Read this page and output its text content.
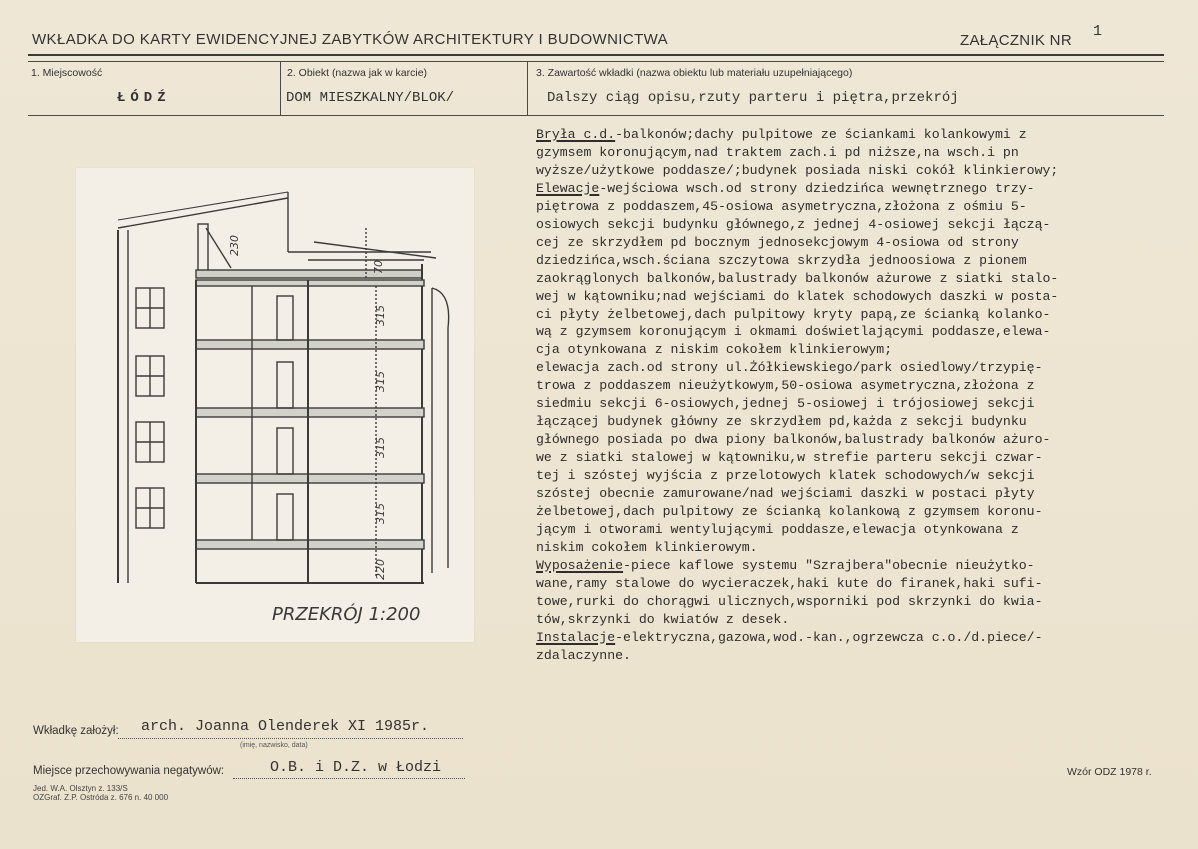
WKŁADKA DO KARTY EWIDENCYJNEJ ZABYTKÓW ARCHITEKTURY I BUDOWNICTWA	ZAŁĄCZNIK NR
1
1. Miejscowość
ŁÓDŹ
2. Obiekt (nazwa jak w karcie)
DOM MIESZKALNY/BLOK/
3. Zawartość wkładki (nazwa obiektu lub materiału uzupełniającego)
Dalszy ciąg opisu,rzuty parteru i piętra,przekrój
230
70
315
315
315
315
220
PRZEKRÓJ 1:200
Bryła c.d.-balkonów;dachy pulpitowe ze ściankami kolankowymi z
gzymsem koronującym,nad traktem zach.i pd niższe,na wsch.i pn
wyższe/użytkowe poddasze/;budynek posiada niski cokół klinkierowy;
Elewacje-wejściowa wsch.od strony dziedzińca wewnętrznego trzy-
piętrowa z poddaszem,45-osiowa asymetryczna,złożona z ośmiu 5-
osiowych sekcji budynku głównego,z jednej 4-osiowej sekcji łączą-
cej ze skrzydłem pd bocznym jednosekcjowym 4-osiowa od strony
dziedzińca,wsch.ściana szczytowa skrzydła jednoosiowa z pionem
zaokrąglonych balkonów,balustrady balkonów ażurowe z siatki stalo-
wej w kątowniku;nad wejściami do klatek schodowych daszki w posta-
ci płyty żelbetowej,dach pulpitowy kryty papą,ze ścianką kolanko-
wą z gzymsem koronującym i okmami doświetlającymi poddasze,elewa-
cja otynkowana z niskim cokołem klinkierowym;
elewacja zach.od strony ul.Żółkiewskiego/park osiedlowy/trzypię-
trowa z poddaszem nieużytkowym,50-osiowa asymetryczna,złożona z
siedmiu sekcji 6-osiowych,jednej 5-osiowej i trójosiowej sekcji
łączącej budynek główny ze skrzydłem pd,każda z sekcji budynku
głównego posiada po dwa piony balkonów,balustrady balkonów ażuro-
we z siatki stalowej w kątowniku,w strefie parteru sekcji czwar-
tej i szóstej wyjścia z przelotowych klatek schodowych/w sekcji
szóstej obecnie zamurowane/nad wejściami daszki w postaci płyty
żelbetowej,dach pulpitowy ze ścianką kolankową z gzymsem koronu-
jącym i otworami wentylującymi poddasze,elewacja otynkowana z
niskim cokołem klinkierowym.
Wyposażenie-piece kaflowe systemu "Szrajbera"obecnie nieużytko-
wane,ramy stalowe do wycieraczek,haki kute do firanek,haki sufi-
towe,rurki do chorągwi ulicznych,wsporniki pod skrzynki do kwia-
tów,skrzynki do kwiatów z desek.
Instalacje-elektryczna,gazowa,wod.-kan.,ogrzewcza c.o./d.piece/-
zdalaczynne.
Wkładkę założył: arch. Joanna Olenderek XI 1985r.
(imię, nazwisko, data)
Miejsce przechowywania negatywów:	O.B. i D.Z. w Łodzi
Jed. W.A. Olsztyn z. 133/S
OZGraf. Z.P. Ostróda z. 676 n. 40 000
Wzór ODZ 1978 r.
